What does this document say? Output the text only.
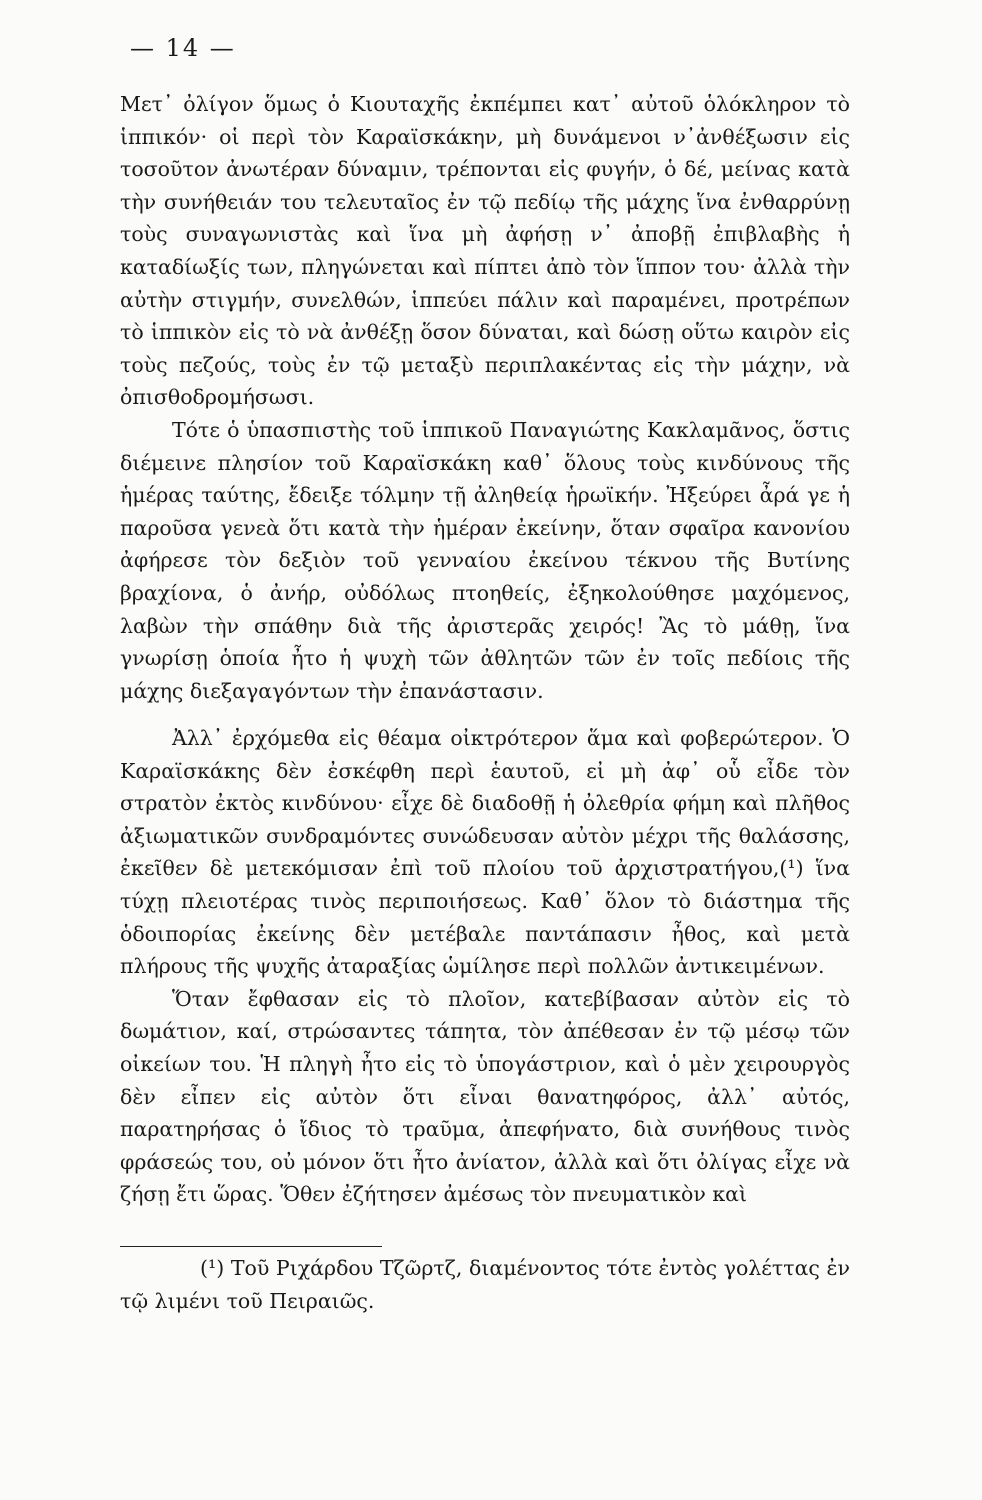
— 14 —

Μετ᾽ ὀλίγον ὅμως ὁ Κιουταχῆς ἐκπέμπει κατ᾽ αὐτοῦ ὁλόκληρον τὸ ἱππικόν· οἱ περὶ τὸν Καραϊσκάκην, μὴ δυνάμενοι ν᾽ἀνθέξωσιν εἰς τοσοῦτον ἀνωτέραν δύναμιν, τρέπονται εἰς φυγήν, ὁ δέ, μείνας κατὰ τὴν συνήθειάν του τελευταῖος ἐν τῷ πεδίῳ τῆς μάχης ἵνα ἐνθαρρύνῃ τοὺς συναγωνιστὰς καὶ ἵνα μὴ ἀφήσῃ ν᾽ ἀποβῇ ἐπιβλαβὴς ἡ καταδίωξίς των, πληγώνεται καὶ πίπτει ἀπὸ τὸν ἵππον του· ἀλλὰ τὴν αὐτὴν στιγμήν, συνελθών, ἱππεύει πάλιν καὶ παραμένει, προτρέπων τὸ ἱππικὸν εἰς τὸ νὰ ἀνθέξῃ ὅσον δύναται, καὶ δώσῃ οὕτω καιρὸν εἰς τοὺς πεζούς, τοὺς ἐν τῷ μεταξὺ περιπλακέντας εἰς τὴν μάχην, νὰ ὀπισθοδρομήσωσι.

Τότε ὁ ὑπασπιστὴς τοῦ ἱππικοῦ Παναγιώτης Κακλαμᾶνος, ὅστις διέμεινε πλησίον τοῦ Καραϊσκάκη καθ᾽ ὅλους τοὺς κινδύνους τῆς ἡμέρας ταύτης, ἔδειξε τόλμην τῇ ἀληθείᾳ ἡρωϊκήν. Ἠξεύρει ἆρά γε ἡ παροῦσα γενεὰ ὅτι κατὰ τὴν ἡμέραν ἐκείνην, ὅταν σφαῖρα κανονίου ἀφήρεσε τὸν δεξιὸν τοῦ γενναίου ἐκείνου τέκνου τῆς Βυτίνης βραχίονα, ὁ ἀνήρ, οὐδόλως πτοηθείς, ἐξηκολούθησε μαχόμενος, λαβὼν τὴν σπάθην διὰ τῆς ἀριστερᾶς χειρός! Ἂς τὸ μάθῃ, ἵνα γνωρίσῃ ὁποία ἦτο ἡ ψυχὴ τῶν ἀθλητῶν τῶν ἐν τοῖς πεδίοις τῆς μάχης διεξαγαγόντων τὴν ἐπανάστασιν.

Ἀλλ᾽ ἐρχόμεθα εἰς θέαμα οἰκτρότερον ἅμα καὶ φοβερώτερον. Ὁ Καραϊσκάκης δὲν ἐσκέφθη περὶ ἑαυτοῦ, εἰ μὴ ἀφ᾽ οὗ εἶδε τὸν στρατὸν ἐκτὸς κινδύνου· εἶχε δὲ διαδοθῇ ἡ ὀλεθρία φήμη καὶ πλῆθος ἀξιωματικῶν συνδραμόντες συνώδευσαν αὐτὸν μέχρι τῆς θαλάσσης, ἐκεῖθεν δὲ μετεκόμισαν ἐπὶ τοῦ πλοίου τοῦ ἀρχιστρατήγου,(¹) ἵνα τύχῃ πλειοτέρας τινὸς περιποιήσεως. Καθ᾽ ὅλον τὸ διάστημα τῆς ὁδοιπορίας ἐκείνης δὲν μετέβαλε παντάπασιν ἦθος, καὶ μετὰ πλήρους τῆς ψυχῆς ἀταραξίας ὡμίλησε περὶ πολλῶν ἀντικειμένων.

Ὅταν ἔφθασαν εἰς τὸ πλοῖον, κατεβίβασαν αὐτὸν εἰς τὸ δωμάτιον, καί, στρώσαντες τάπητα, τὸν ἀπέθεσαν ἐν τῷ μέσῳ τῶν οἰκείων του. Ἡ πληγὴ ἦτο εἰς τὸ ὑπογάστριον, καὶ ὁ μὲν χειρουργὸς δὲν εἶπεν εἰς αὐτὸν ὅτι εἶναι θανατηφόρος, ἀλλ᾽ αὐτός, παρατηρήσας ὁ ἴδιος τὸ τραῦμα, ἀπεφήνατο, διὰ συνήθους τινὸς φράσεώς του, οὐ μόνον ὅτι ἦτο ἀνίατον, ἀλλὰ καὶ ὅτι ὀλίγας εἶχε νὰ ζήσῃ ἔτι ὥρας. Ὅθεν ἐζήτησεν ἀμέσως τὸν πνευματικὸν καὶ

(¹) Τοῦ Ριχάρδου Τζῶρτζ, διαμένοντος τότε ἐντὸς γολέττας ἐν τῷ λιμένι τοῦ Πειραιῶς.
